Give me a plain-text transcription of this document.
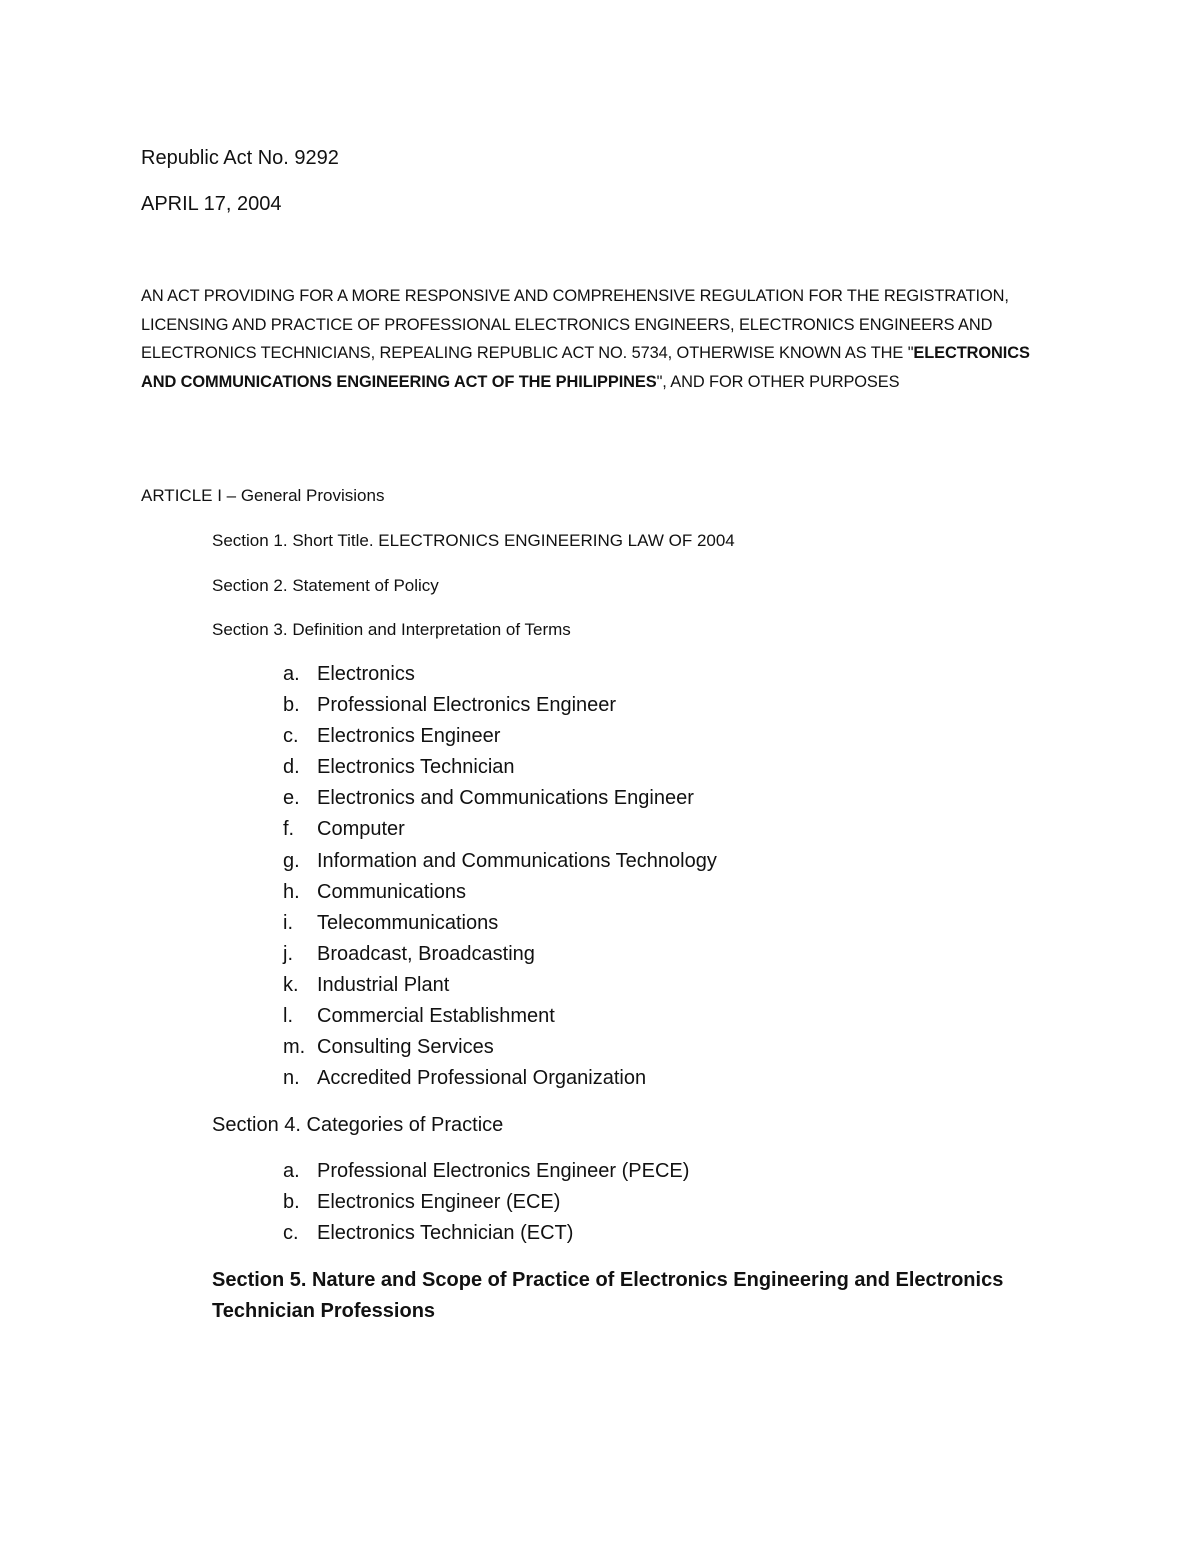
Republic Act No. 9292

APRIL 17, 2004

AN ACT PROVIDING FOR A MORE RESPONSIVE AND COMPREHENSIVE REGULATION FOR THE REGISTRATION, LICENSING AND PRACTICE OF PROFESSIONAL ELECTRONICS ENGINEERS, ELECTRONICS ENGINEERS AND ELECTRONICS TECHNICIANS, REPEALING REPUBLIC ACT NO. 5734, OTHERWISE KNOWN AS THE "ELECTRONICS AND COMMUNICATIONS ENGINEERING ACT OF THE PHILIPPINES", AND FOR OTHER PURPOSES

ARTICLE I – General Provisions

Section 1. Short Title. ELECTRONICS ENGINEERING LAW OF 2004

Section 2. Statement of Policy

Section 3. Definition and Interpretation of Terms

a. Electronics
b. Professional Electronics Engineer
c. Electronics Engineer
d. Electronics Technician
e. Electronics and Communications Engineer
f.	Computer
g. Information and Communications Technology
h. Communications
i.	Telecommunications
j.	Broadcast, Broadcasting
k. Industrial Plant
l.	Commercial Establishment
m. Consulting Services
n. Accredited Professional Organization

Section 4. Categories of Practice

a. Professional Electronics Engineer (PECE)
b. Electronics Engineer (ECE)
c. Electronics Technician (ECT)

Section 5. Nature and Scope of Practice of Electronics Engineering and Electronics
Technician Professions
